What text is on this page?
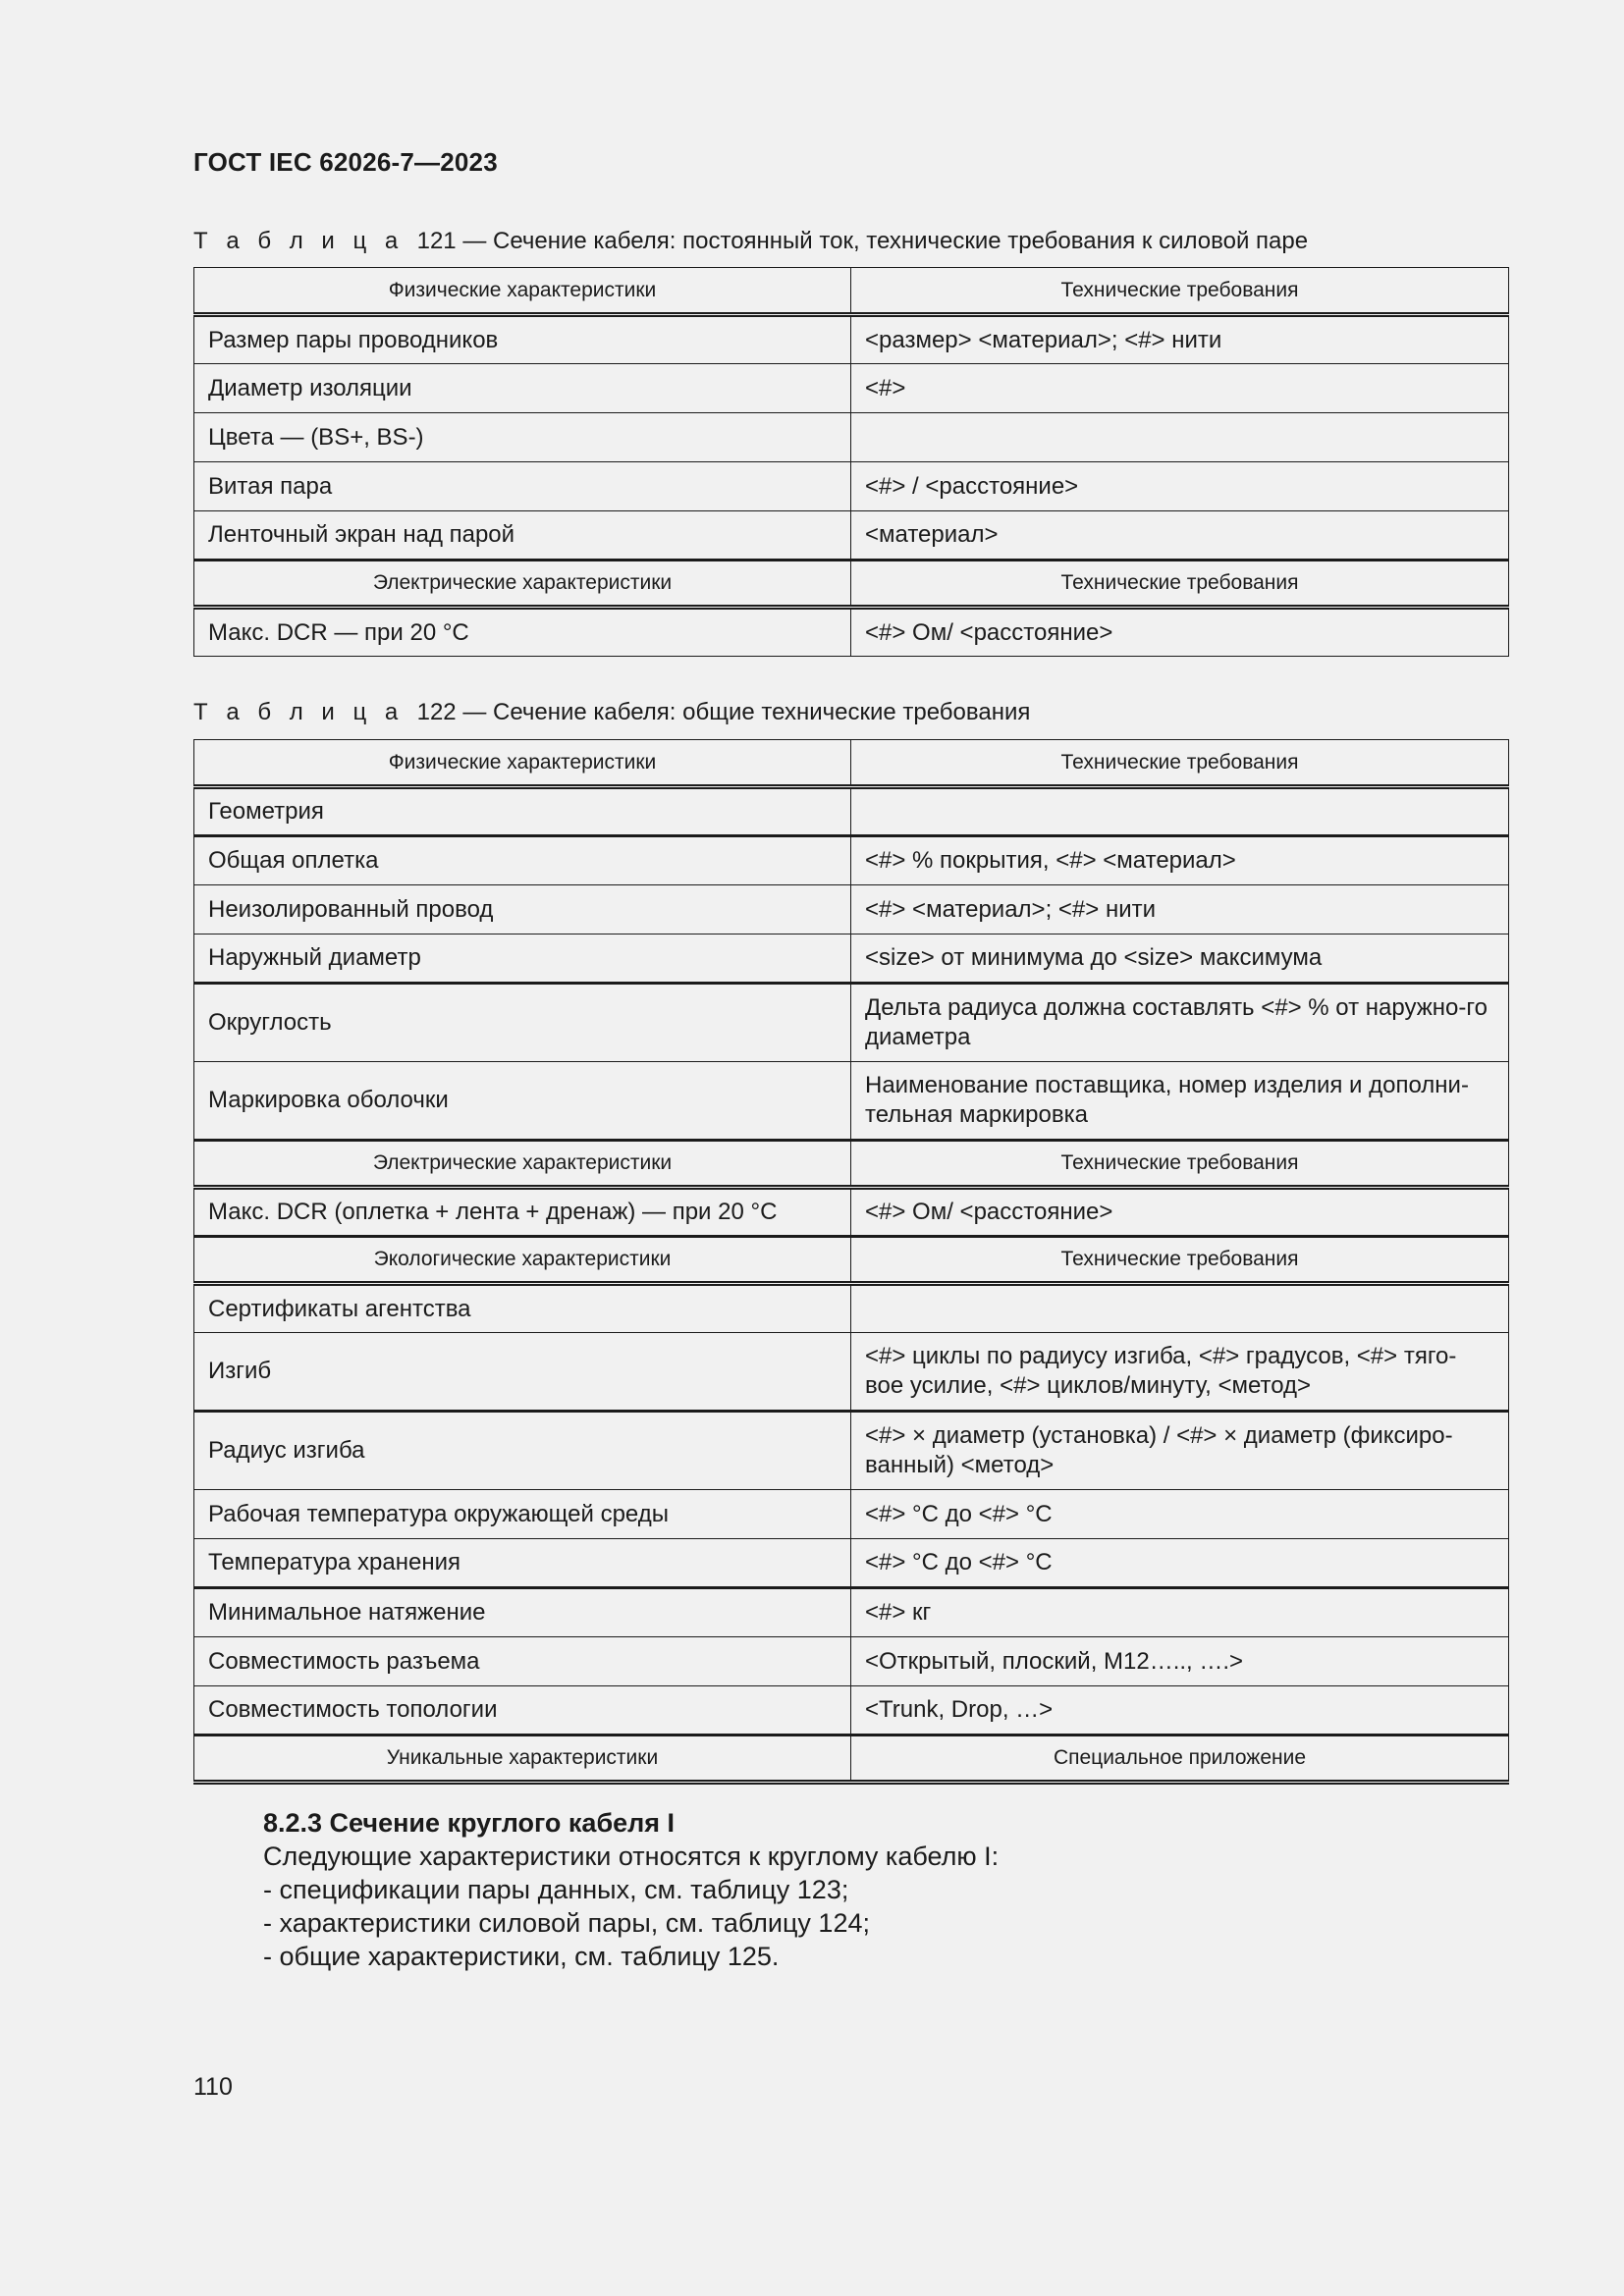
ГОСТ IEC 62026-7—2023
Т а б л и ц а 121 — Сечение кабеля: постоянный ток, технические требования к силовой паре
Физические характеристики	Технические требования
Размер пары проводников	<размер> <материал>; <#> нити
Диаметр изоляции	<#>
Цвета — (BS+, BS-)	
Витая пара	<#> / <расстояние>
Ленточный экран над парой	<материал>
Электрические характеристики	Технические требования
Макс. DCR — при 20 °C	<#> Ом/ <расстояние>
Т а б л и ц а 122 — Сечение кабеля: общие технические требования
Физические характеристики	Технические требования
Геометрия	
Общая оплетка	<#> % покрытия, <#> <материал>
Неизолированный провод	<#> <материал>; <#> нити
Наружный диаметр	<size> от минимума до <size> максимума
Округлость	Дельта радиуса должна составлять <#> % от наружно-го диаметра
Маркировка оболочки	Наименование поставщика, номер изделия и дополни-тельная маркировка
Электрические характеристики	Технические требования
Макс. DCR (оплетка + лента + дренаж) — при 20 °C	<#> Ом/ <расстояние>
Экологические характеристики	Технические требования
Сертификаты агентства	
Изгиб	<#> циклы по радиусу изгиба, <#> градусов, <#> тяго-вое усилие, <#> циклов/минуту, <метод>
Радиус изгиба	<#> × диаметр (установка) / <#> × диаметр (фиксиро-ванный) <метод>
Рабочая температура окружающей среды	<#> °C до <#> °C
Температура хранения	<#> °C до <#> °C
Минимальное натяжение	<#> кг
Совместимость разъема	<Открытый, плоский, M12….., ….>
Совместимость топологии	<Trunk, Drop, …>
Уникальные характеристики	Специальное приложение
8.2.3 Сечение круглого кабеля I
Следующие характеристики относятся к круглому кабелю I:
- спецификации пары данных, см. таблицу 123;
- характеристики силовой пары, см. таблицу 124;
- общие характеристики, см. таблицу 125.
110
